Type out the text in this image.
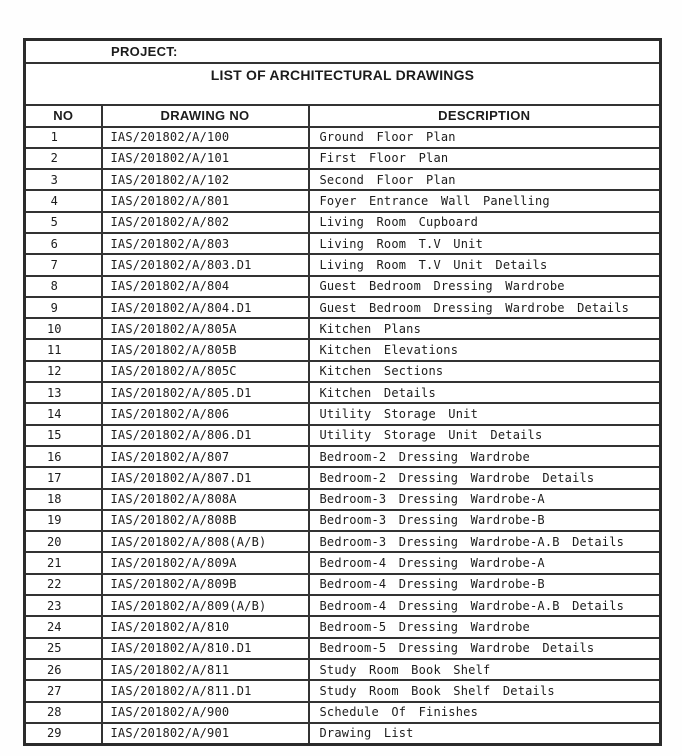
PROJECT:		
LIST OF ARCHITECTURAL DRAWINGS		
NO	DRAWING NO	DESCRIPTION
1	IAS/201802/A/100	Ground Floor Plan
2	IAS/201802/A/101	First Floor Plan
3	IAS/201802/A/102	Second Floor Plan
4	IAS/201802/A/801	Foyer Entrance Wall Panelling
5	IAS/201802/A/802	Living Room Cupboard
6	IAS/201802/A/803	Living Room T.V Unit
7	IAS/201802/A/803.D1	Living Room T.V Unit Details
8	IAS/201802/A/804	Guest Bedroom Dressing Wardrobe
9	IAS/201802/A/804.D1	Guest Bedroom Dressing Wardrobe Details
10	IAS/201802/A/805A	Kitchen Plans
11	IAS/201802/A/805B	Kitchen Elevations
12	IAS/201802/A/805C	Kitchen Sections
13	IAS/201802/A/805.D1	Kitchen Details
14	IAS/201802/A/806	Utility Storage Unit
15	IAS/201802/A/806.D1	Utility Storage Unit Details
16	IAS/201802/A/807	Bedroom-2 Dressing Wardrobe
17	IAS/201802/A/807.D1	Bedroom-2 Dressing Wardrobe Details
18	IAS/201802/A/808A	Bedroom-3 Dressing Wardrobe-A
19	IAS/201802/A/808B	Bedroom-3 Dressing Wardrobe-B
20	IAS/201802/A/808(A/B)	Bedroom-3 Dressing Wardrobe-A.B Details
21	IAS/201802/A/809A	Bedroom-4 Dressing Wardrobe-A
22	IAS/201802/A/809B	Bedroom-4 Dressing Wardrobe-B
23	IAS/201802/A/809(A/B)	Bedroom-4 Dressing Wardrobe-A.B Details
24	IAS/201802/A/810	Bedroom-5 Dressing Wardrobe
25	IAS/201802/A/810.D1	Bedroom-5 Dressing Wardrobe Details
26	IAS/201802/A/811	Study Room Book Shelf
27	IAS/201802/A/811.D1	Study Room Book Shelf Details
28	IAS/201802/A/900	Schedule Of Finishes
29	IAS/201802/A/901	Drawing List
